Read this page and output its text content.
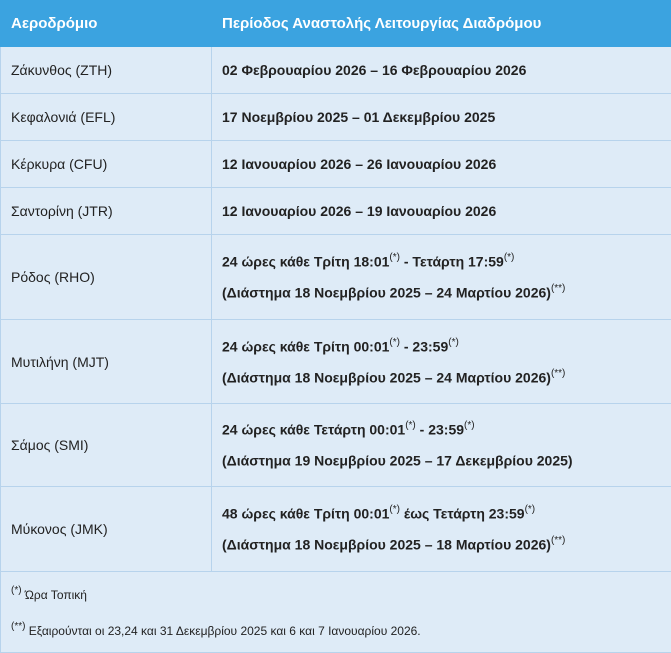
Αεροδρόμιο	Περίοδος Αναστολής Λειτουργίας Διαδρόμου
Ζάκυνθος (ZTH)	02 Φεβρουαρίου 2026 – 16 Φεβρουαρίου 2026
Κεφαλονιά (EFL)	17 Νοεμβρίου 2025 – 01 Δεκεμβρίου 2025
Κέρκυρα (CFU)	12 Ιανουαρίου 2026 – 26 Ιανουαρίου 2026
Σαντορίνη (JTR)	12 Ιανουαρίου 2026 – 19 Ιανουαρίου 2026
Ρόδος (RHO)	24 ώρες κάθε Τρίτη 18:01(*) - Τετάρτη 17:59(*)
(Διάστημα 18 Νοεμβρίου 2025 – 24 Μαρτίου 2026)(**)

Μυτιλήνη (MJT)	24 ώρες κάθε Τρίτη 00:01(*) - 23:59(*)
(Διάστημα 18 Νοεμβρίου 2025 – 24 Μαρτίου 2026)(**)

Σάμος (SMI)	24 ώρες κάθε Τετάρτη 00:01(*) - 23:59(*)
(Διάστημα 19 Νοεμβρίου 2025 – 17 Δεκεμβρίου 2025)

Μύκονος (JMK)	48 ώρες κάθε Τρίτη 00:01(*) έως Τετάρτη 23:59(*)
(Διάστημα 18 Νοεμβρίου 2025 – 18 Μαρτίου 2026)(**)

(*) Ώρα Τοπική
(**) Εξαιρούνται οι 23,24 και 31 Δεκεμβρίου 2025 και 6 και 7 Ιανουαρίου 2026.	
